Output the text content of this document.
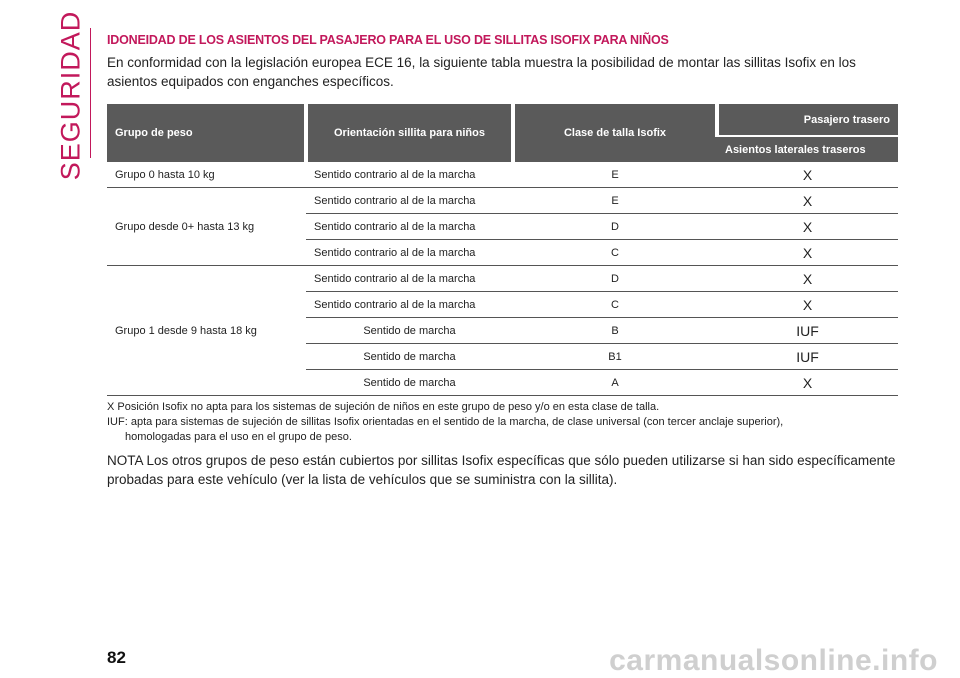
SEGURIDAD IDONEIDAD DE LOS ASIENTOS DEL PASAJERO PARA EL USO DE SILLITAS ISOFIX PARA NIÑOS
En conformidad con la legislación europea ECE 16, la siguiente tabla muestra la posibilidad de montar las sillitas Isofix en los asientos equipados con enganches específicos.
Grupo de peso	Orientación sillita para niños	Clase de talla Isofix	Pasajero trasero
			Asientos laterales traseros
Grupo 0 hasta 10 kg	Sentido contrario al de la marcha	E	X
Grupo desde 0+ hasta 13 kg	Sentido contrario al de la marcha	E	X
	Sentido contrario al de la marcha	D	X
	Sentido contrario al de la marcha	C	X
Grupo 1 desde 9 hasta 18 kg	Sentido contrario al de la marcha	D	X
	Sentido contrario al de la marcha	C	X
	Sentido de marcha	B	IUF
	Sentido de marcha	B1	IUF
	Sentido de marcha	A	X

X Posición Isofix no apta para los sistemas de sujeción de niños en este grupo de peso y/o en esta clase de talla.

IUF: apta para sistemas de sujeción de sillitas Isofix orientadas en el sentido de la marcha, de clase universal (con tercer anclaje superior),

homologadas para el uso en el grupo de peso.

NOTA Los otros grupos de peso están cubiertos por sillitas Isofix específicas que sólo pueden utilizarse si han sido específicamente probadas para este vehículo (ver la lista de vehículos que se suministra con la sillita).
82	carmanualsonline.info
